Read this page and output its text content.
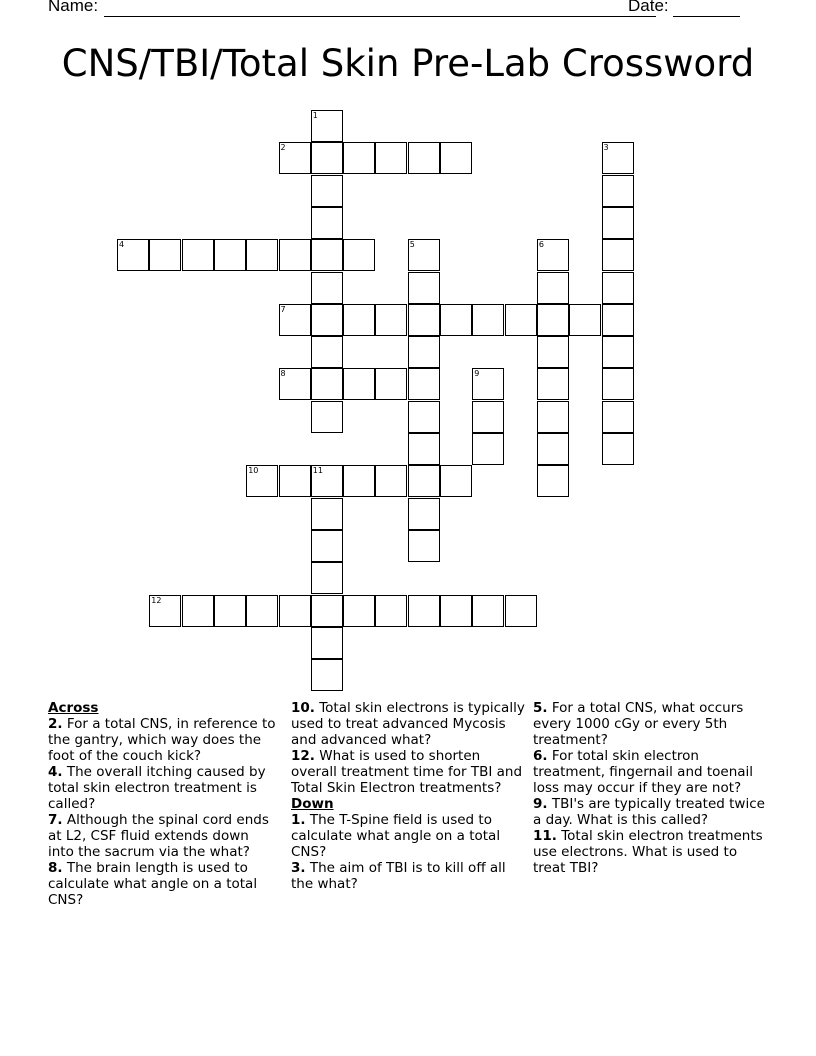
Name:	Date:
CNS/TBI/Total Skin Pre-Lab Crossword
1
2	3
4	5	6
7
8	9
10	11
12
Across

2. For a total CNS, in reference to the gantry, which way does the foot of the couch kick?

4. The overall itching caused by total skin electron treatment is called?

7. Although the spinal cord ends at L2, CSF fluid extends down into the sacrum via the what?

8. The brain length is used to calculate what angle on a total CNS?

10. Total skin electrons is typically used to treat advanced Mycosis and advanced what?

12. What is used to shorten overall treatment time for TBI and Total Skin Electron treatments?

Down

1. The T-Spine field is used to calculate what angle on a total CNS?

3. The aim of TBI is to kill off all the what?

5. For a total CNS, what occurs every 1000 cGy or every 5th treatment?

6. For total skin electron treatment, fingernail and toenail loss may occur if they are not?

9. TBI's are typically treated twice a day. What is this called?

11. Total skin electron treatments use electrons. What is used to treat TBI?
